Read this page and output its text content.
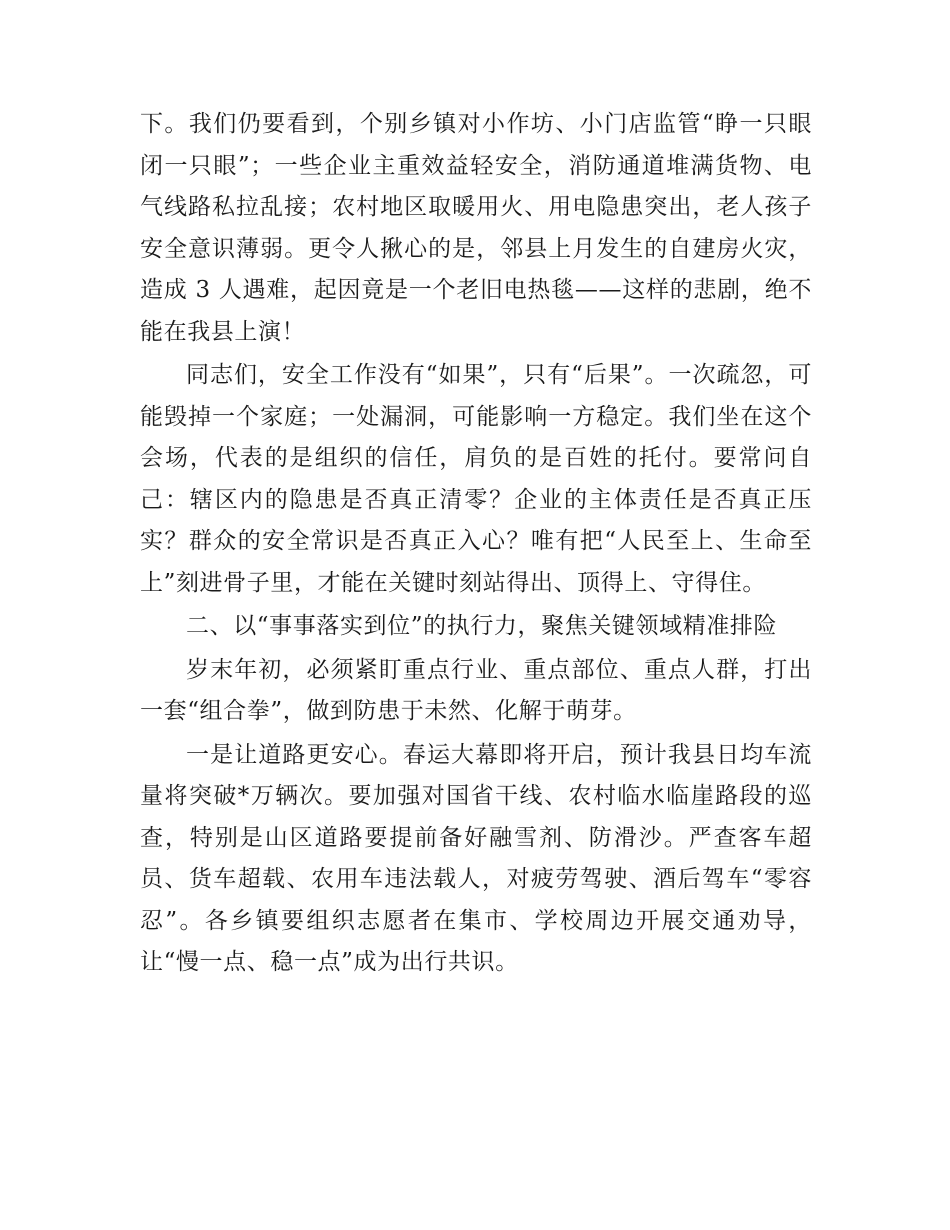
下。我们仍要看到，个别乡镇对小作坊、小门店监管“睁一只眼闭一只眼”；一些企业主重效益轻安全，消防通道堆满货物、电气线路私拉乱接；农村地区取暖用火、用电隐患突出，老人孩子安全意识薄弱。更令人揪心的是，邻县上月发生的自建房火灾，造成 3 人遇难，起因竟是一个老旧电热毯——这样的悲剧，绝不能在我县上演！

同志们，安全工作没有“如果”，只有“后果”。一次疏忽，可能毁掉一个家庭；一处漏洞，可能影响一方稳定。我们坐在这个会场，代表的是组织的信任，肩负的是百姓的托付。要常问自己：辖区内的隐患是否真正清零？企业的主体责任是否真正压实？群众的安全常识是否真正入心？唯有把“人民至上、生命至上”刻进骨子里，才能在关键时刻站得出、顶得上、守得住。

二、以“事事落实到位”的执行力，聚焦关键领域精准排险

岁末年初，必须紧盯重点行业、重点部位、重点人群，打出一套“组合拳”，做到防患于未然、化解于萌芽。

一是让道路更安心。春运大幕即将开启，预计我县日均车流量将突破*万辆次。要加强对国省干线、农村临水临崖路段的巡查，特别是山区道路要提前备好融雪剂、防滑沙。严查客车超员、货车超载、农用车违法载人，对疲劳驾驶、酒后驾车“零容忍”。各乡镇要组织志愿者在集市、学校周边开展交通劝导，让“慢一点、稳一点”成为出行共识。
